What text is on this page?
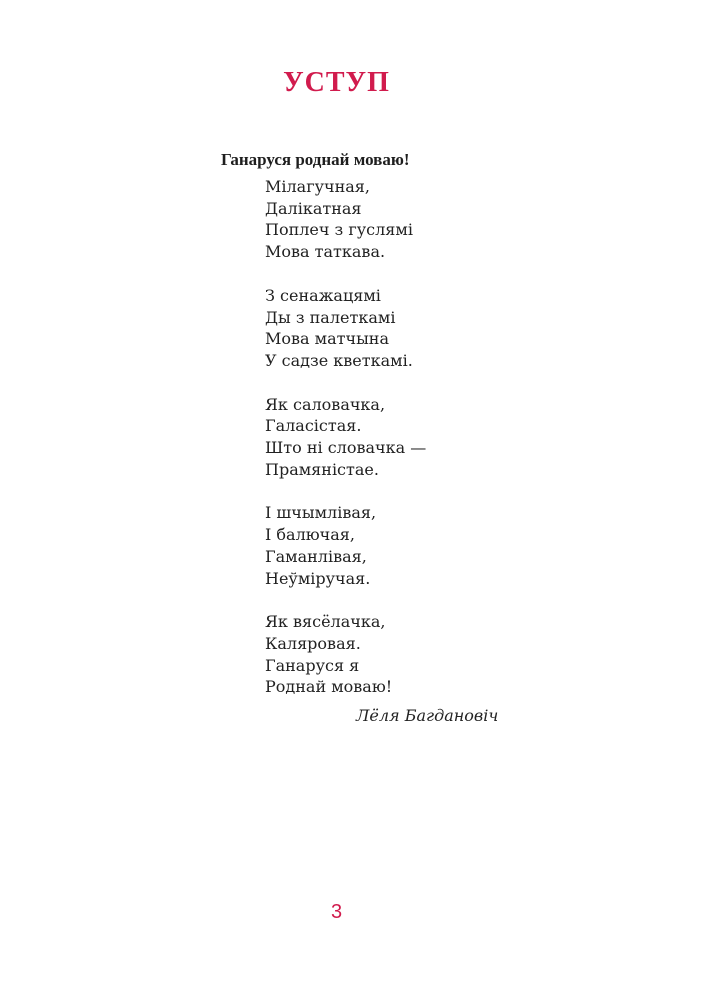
УСТУП
Ганаруся роднай моваю!
Мілагучная,
Далікатная
Поплеч з гуслямі
Мова таткава.
З сенажацямі
Ды з палеткамі
Мова матчына
У садзе кветкамі.
Як саловачка,
Галасістая.
Што ні словачка —
Прамяністае.
І шчымлівая,
І балючая,
Гаманлівая,
Неўміручая.
Як вясёлачка,
Каляровая.
Ганаруся я
Роднай моваю!

Лёля Багдановіч

3
